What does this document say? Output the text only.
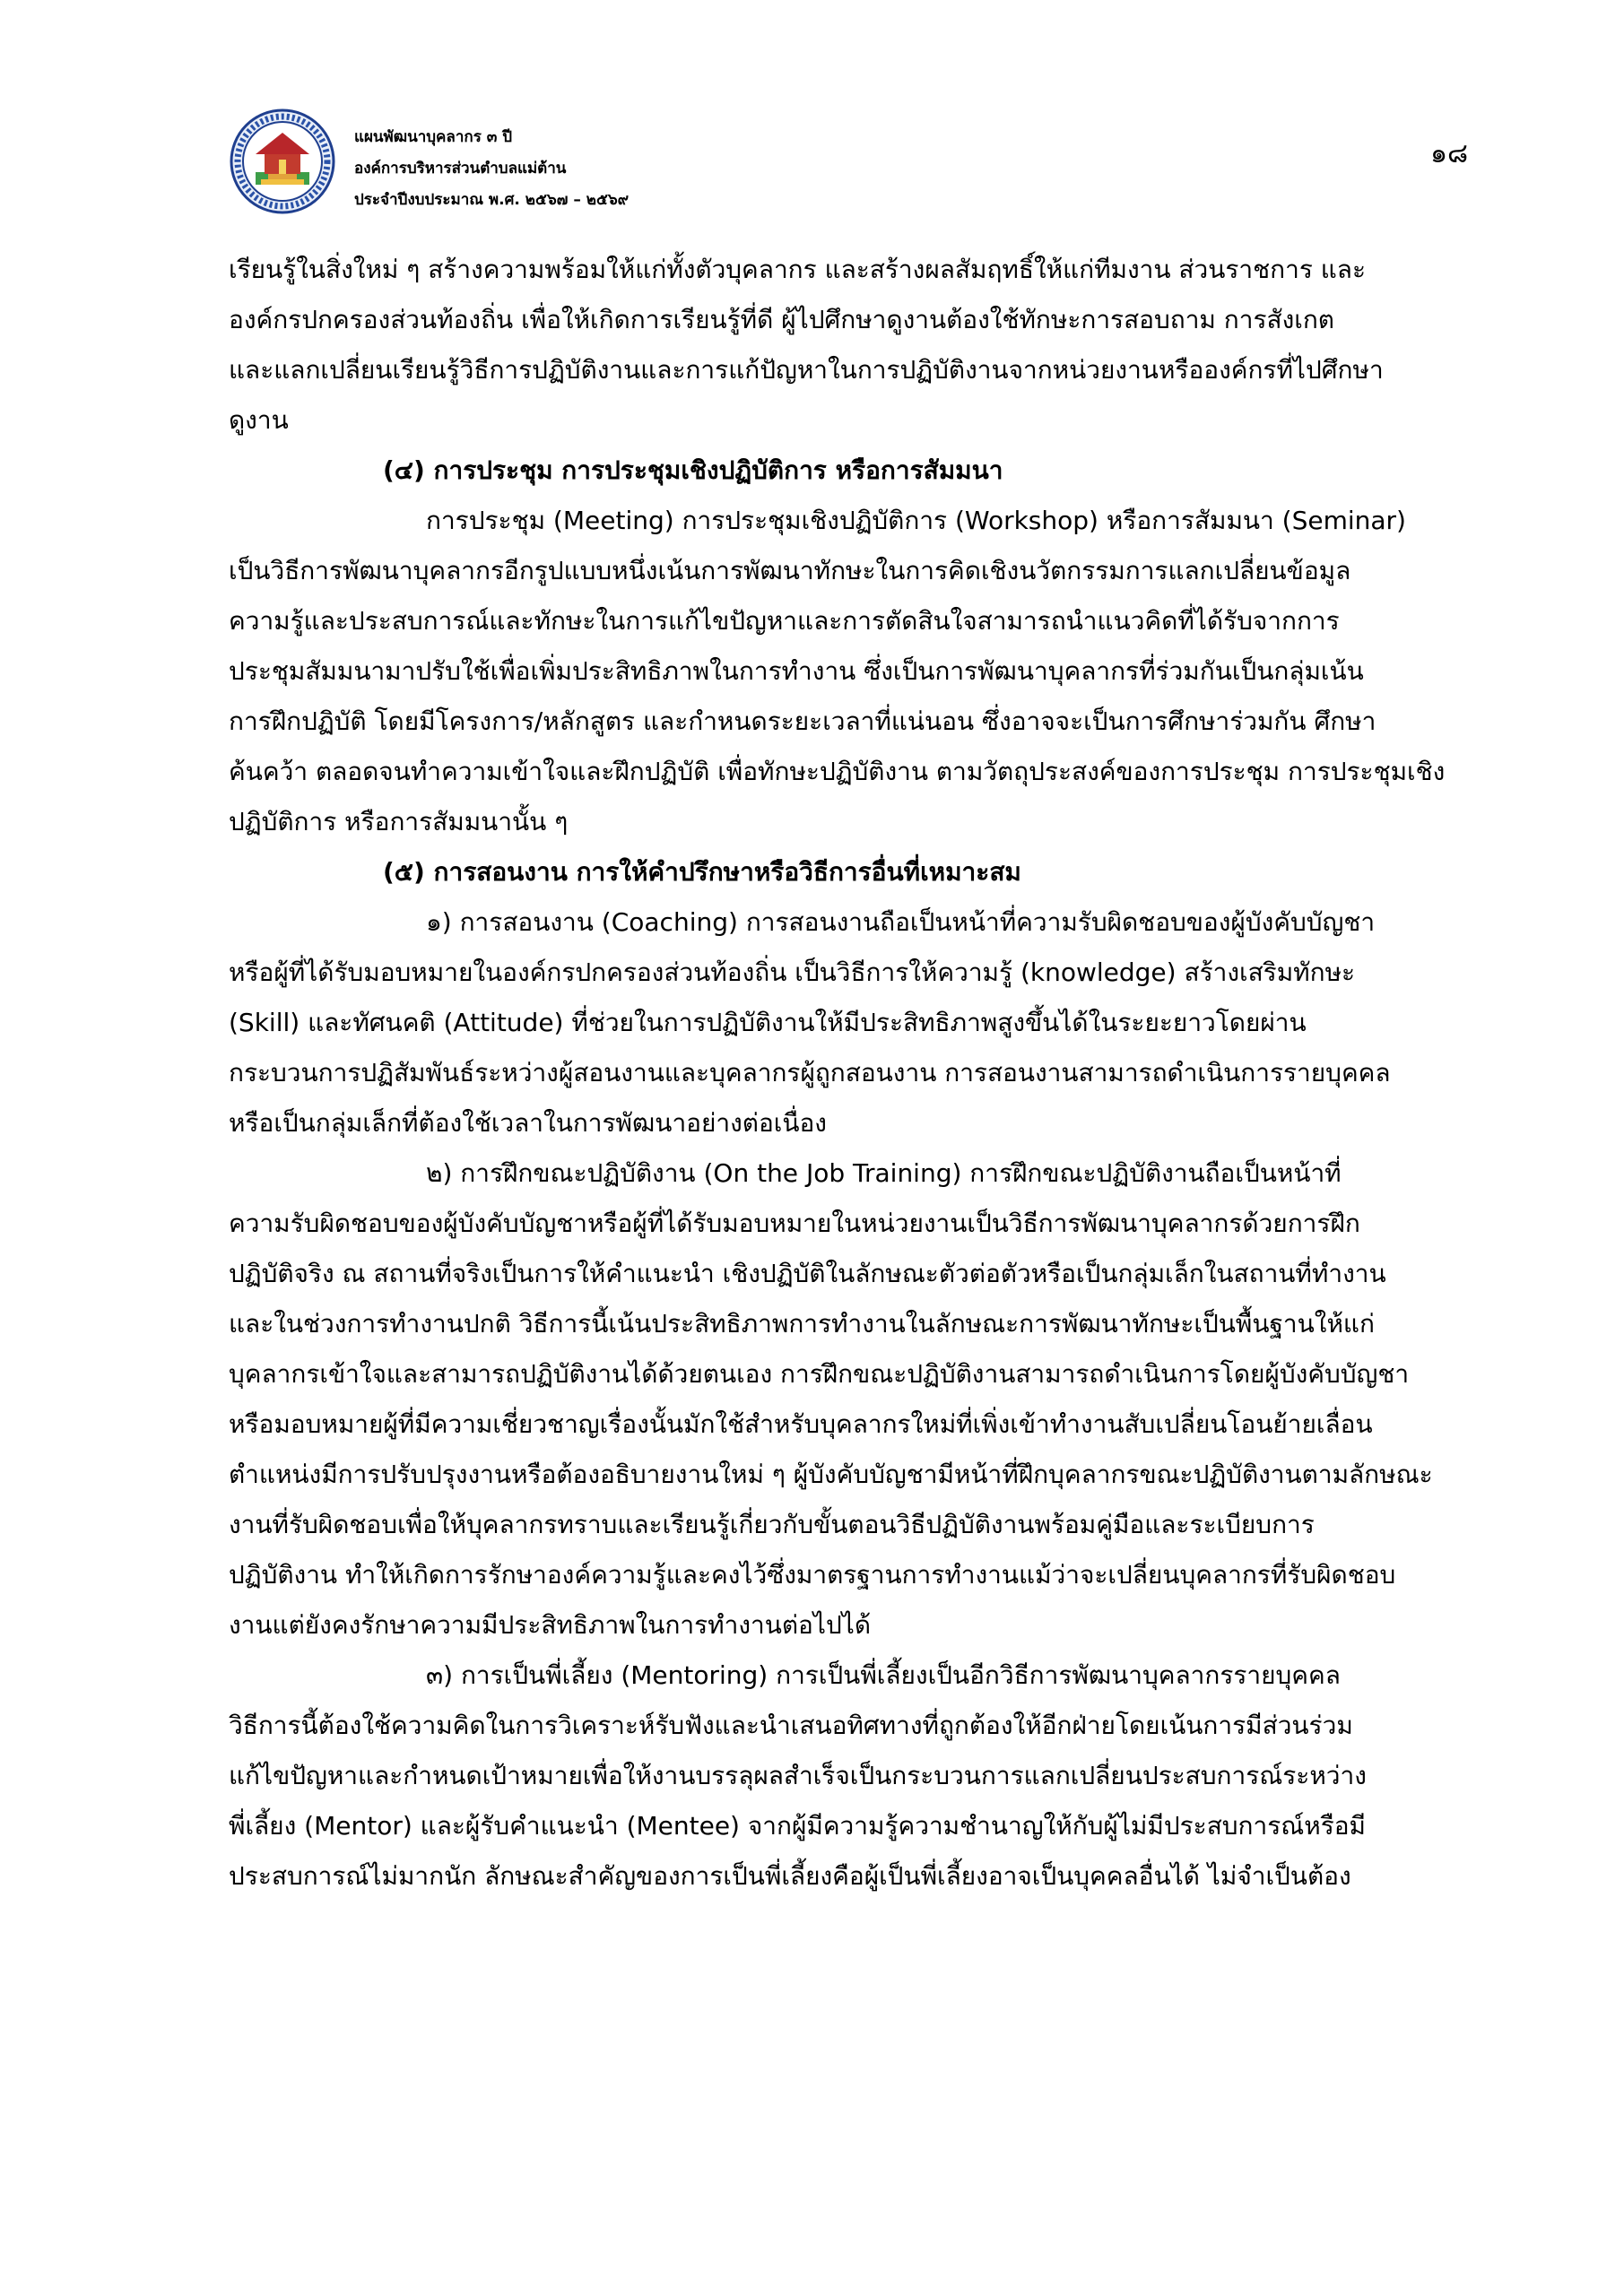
แผนพัฒนาบุคลากร ๓ ปี
องค์การบริหารส่วนตำบลแม่ต้าน
ประจำปีงบประมาณ พ.ศ. ๒๕๖๗ – ๒๕๖๙
๑๘

เรียนรู้ในสิ่งใหม่ ๆ สร้างความพร้อมให้แก่ทั้งตัวบุคลากร และสร้างผลสัมฤทธิ์ให้แก่ทีมงาน ส่วนราชการ และ

องค์กรปกครองส่วนท้องถิ่น เพื่อให้เกิดการเรียนรู้ที่ดี ผู้ไปศึกษาดูงานต้องใช้ทักษะการสอบถาม การสังเกต

และแลกเปลี่ยนเรียนรู้วิธีการปฏิบัติงานและการแก้ปัญหาในการปฏิบัติงานจากหน่วยงานหรือองค์กรที่ไปศึกษา

ดูงาน

(๔) การประชุม การประชุมเชิงปฏิบัติการ หรือการสัมมนา

การประชุม (Meeting) การประชุมเชิงปฏิบัติการ (Workshop) หรือการสัมมนา (Seminar)

เป็นวิธีการพัฒนาบุคลากรอีกรูปแบบหนึ่งเน้นการพัฒนาทักษะในการคิดเชิงนวัตกรรมการแลกเปลี่ยนข้อมูล

ความรู้และประสบการณ์และทักษะในการแก้ไขปัญหาและการตัดสินใจสามารถนำแนวคิดที่ได้รับจากการ

ประชุมสัมมนามาปรับใช้เพื่อเพิ่มประสิทธิภาพในการทำงาน ซึ่งเป็นการพัฒนาบุคลากรที่ร่วมกันเป็นกลุ่มเน้น

การฝึกปฏิบัติ โดยมีโครงการ/หลักสูตร และกำหนดระยะเวลาที่แน่นอน ซึ่งอาจจะเป็นการศึกษาร่วมกัน ศึกษา

ค้นคว้า ตลอดจนทำความเข้าใจและฝึกปฏิบัติ เพื่อทักษะปฏิบัติงาน ตามวัตถุประสงค์ของการประชุม การประชุมเชิง

ปฏิบัติการ หรือการสัมมนานั้น ๆ

(๕) การสอนงาน การให้คำปรึกษาหรือวิธีการอื่นที่เหมาะสม

๑) การสอนงาน (Coaching) การสอนงานถือเป็นหน้าที่ความรับผิดชอบของผู้บังคับบัญชา

หรือผู้ที่ได้รับมอบหมายในองค์กรปกครองส่วนท้องถิ่น เป็นวิธีการให้ความรู้ (knowledge) สร้างเสริมทักษะ

(Skill) และทัศนคติ (Attitude) ที่ช่วยในการปฏิบัติงานให้มีประสิทธิภาพสูงขึ้นได้ในระยะยาวโดยผ่าน

กระบวนการปฏิสัมพันธ์ระหว่างผู้สอนงานและบุคลากรผู้ถูกสอนงาน การสอนงานสามารถดำเนินการรายบุคคล

หรือเป็นกลุ่มเล็กที่ต้องใช้เวลาในการพัฒนาอย่างต่อเนื่อง

๒) การฝึกขณะปฏิบัติงาน (On the Job Training) การฝึกขณะปฏิบัติงานถือเป็นหน้าที่

ความรับผิดชอบของผู้บังคับบัญชาหรือผู้ที่ได้รับมอบหมายในหน่วยงานเป็นวิธีการพัฒนาบุคลากรด้วยการฝึก

ปฏิบัติจริง ณ สถานที่จริงเป็นการให้คำแนะนำ เชิงปฏิบัติในลักษณะตัวต่อตัวหรือเป็นกลุ่มเล็กในสถานที่ทำงาน

และในช่วงการทำงานปกติ วิธีการนี้เน้นประสิทธิภาพการทำงานในลักษณะการพัฒนาทักษะเป็นพื้นฐานให้แก่

บุคลากรเข้าใจและสามารถปฏิบัติงานได้ด้วยตนเอง การฝึกขณะปฏิบัติงานสามารถดำเนินการโดยผู้บังคับบัญชา

หรือมอบหมายผู้ที่มีความเชี่ยวชาญเรื่องนั้นมักใช้สำหรับบุคลากรใหม่ที่เพิ่งเข้าทำงานสับเปลี่ยนโอนย้ายเลื่อน

ตำแหน่งมีการปรับปรุงงานหรือต้องอธิบายงานใหม่ ๆ ผู้บังคับบัญชามีหน้าที่ฝึกบุคลากรขณะปฏิบัติงานตามลักษณะ

งานที่รับผิดชอบเพื่อให้บุคลากรทราบและเรียนรู้เกี่ยวกับขั้นตอนวิธีปฏิบัติงานพร้อมคู่มือและระเบียบการ

ปฏิบัติงาน ทำให้เกิดการรักษาองค์ความรู้และคงไว้ซึ่งมาตรฐานการทำงานแม้ว่าจะเปลี่ยนบุคลากรที่รับผิดชอบ

งานแต่ยังคงรักษาความมีประสิทธิภาพในการทำงานต่อไปได้

๓) การเป็นพี่เลี้ยง (Mentoring) การเป็นพี่เลี้ยงเป็นอีกวิธีการพัฒนาบุคลากรรายบุคคล

วิธีการนี้ต้องใช้ความคิดในการวิเคราะห์รับฟังและนำเสนอทิศทางที่ถูกต้องให้อีกฝ่ายโดยเน้นการมีส่วนร่วม

แก้ไขปัญหาและกำหนดเป้าหมายเพื่อให้งานบรรลุผลสำเร็จเป็นกระบวนการแลกเปลี่ยนประสบการณ์ระหว่าง

พี่เลี้ยง (Mentor) และผู้รับคำแนะนำ (Mentee) จากผู้มีความรู้ความชำนาญให้กับผู้ไม่มีประสบการณ์หรือมี

ประสบการณ์ไม่มากนัก ลักษณะสำคัญของการเป็นพี่เลี้ยงคือผู้เป็นพี่เลี้ยงอาจเป็นบุคคลอื่นได้ ไม่จำเป็นต้อง
